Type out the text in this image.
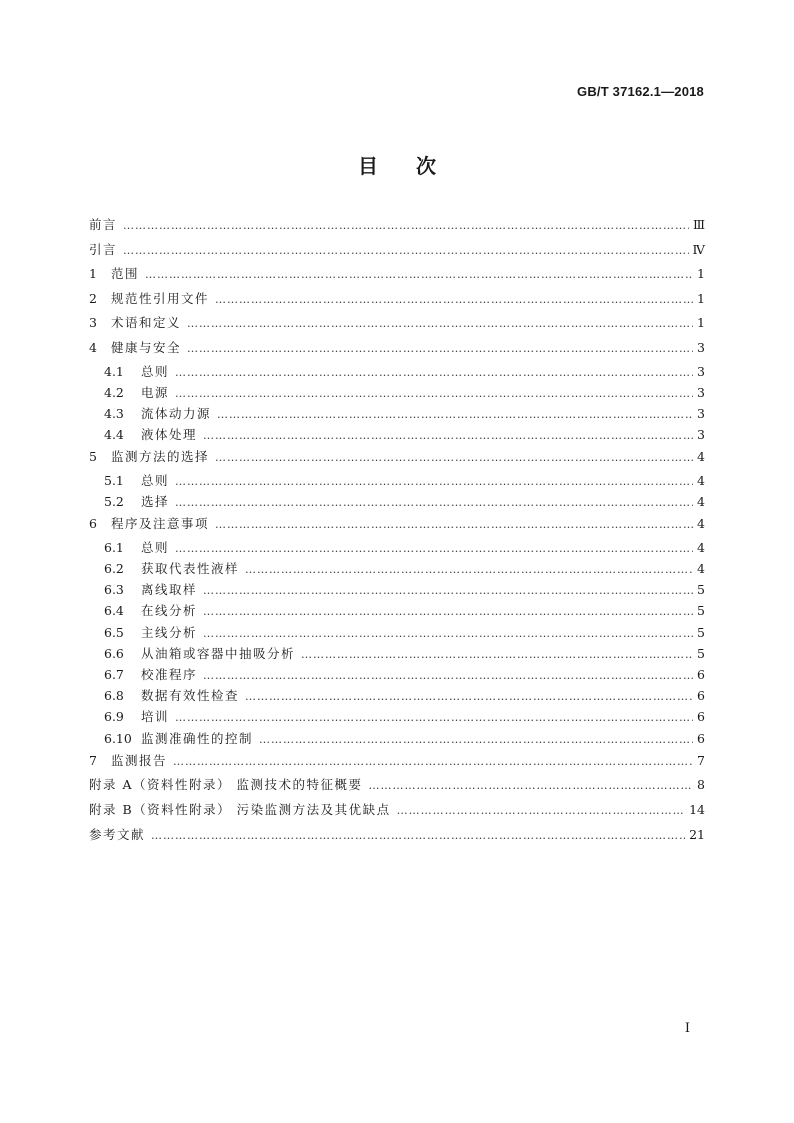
GB/T 37162.1—2018
目次
前言 …………………………………………………………………………………………………………………………………………………………………………	Ⅲ
引言 …………………………………………………………………………………………………………………………………………………………………………	Ⅳ
1	范围 …………………………………………………………………………………………………………………………………………………………………………	1
2	规范性引用文件 …………………………………………………………………………………………………………………………………………………………………………	1
3	术语和定义 …………………………………………………………………………………………………………………………………………………………………………	1
4	健康与安全 …………………………………………………………………………………………………………………………………………………………………………	3
4.1	总则 …………………………………………………………………………………………………………………………………………………………………………	3
4.2	电源 …………………………………………………………………………………………………………………………………………………………………………	3
4.3	流体动力源 …………………………………………………………………………………………………………………………………………………………………………	3
4.4	液体处理 …………………………………………………………………………………………………………………………………………………………………………	3
5	监测方法的选择 …………………………………………………………………………………………………………………………………………………………………………	4
5.1	总则 …………………………………………………………………………………………………………………………………………………………………………	4
5.2	选择 …………………………………………………………………………………………………………………………………………………………………………	4
6	程序及注意事项 …………………………………………………………………………………………………………………………………………………………………………	4
6.1	总则 …………………………………………………………………………………………………………………………………………………………………………	4
6.2	获取代表性液样 …………………………………………………………………………………………………………………………………………………………………………	4
6.3	离线取样 …………………………………………………………………………………………………………………………………………………………………………	5
6.4	在线分析 …………………………………………………………………………………………………………………………………………………………………………	5
6.5	主线分析 …………………………………………………………………………………………………………………………………………………………………………	5
6.6	从油箱或容器中抽吸分析 …………………………………………………………………………………………………………………………………………………………………………	5
6.7	校准程序 …………………………………………………………………………………………………………………………………………………………………………	6
6.8	数据有效性检查 …………………………………………………………………………………………………………………………………………………………………………	6
6.9	培训 …………………………………………………………………………………………………………………………………………………………………………	6
6.10 监测准确性的控制 …………………………………………………………………………………………………………………………………………………………………………	6
7	监测报告 …………………………………………………………………………………………………………………………………………………………………………	7
附录 A（资料性附录） 监测技术的特征概要 …………………………………………………………………………………………………………………………………………………………………………	8
附录 B（资料性附录） 污染监测方法及其优缺点 …………………………………………………………………………………………………………………………………………………………………………	14
参考文献 …………………………………………………………………………………………………………………………………………………………………………	21
I
